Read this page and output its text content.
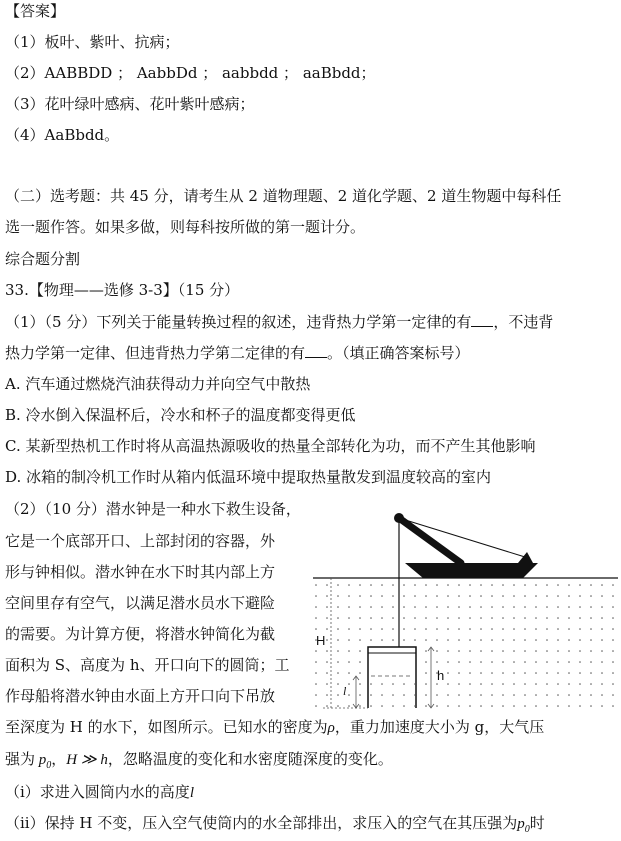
【答案】
（1）板叶、紫叶、抗病；
（2）AABBDD ； AabbDd ； aabbdd ； aaBbdd；
（3）花叶绿叶感病、花叶紫叶感病；
（4）AaBbdd。
（二）选考题：共 45 分，请考生从 2 道物理题、2 道化学题、2 道生物题中每科任
选一题作答。如果多做，则每科按所做的第一题计分。
综合题分割
33.【物理——选修 3-3】（15 分）
（1）（5 分）下列关于能量转换过程的叙述，违背热力学第一定律的有 ，不违背
热力学第一定律、但违背热力学第二定律的有 。（填正确答案标号）
A. 汽车通过燃烧汽油获得动力并向空气中散热
B. 冷水倒入保温杯后，冷水和杯子的温度都变得更低
C. 某新型热机工作时将从高温热源吸收的热量全部转化为功，而不产生其他影响
D. 冰箱的制冷机工作时从箱内低温环境中提取热量散发到温度较高的室内
（2）（10 分）潜水钟是一种水下救生设备，
它是一个底部开口、上部封闭的容器，外
形与钟相似。潜水钟在水下时其内部上方
空间里存有空气，以满足潜水员水下避险
的需要。为计算方便，将潜水钟简化为截
面积为 S、高度为 h、开口向下的圆筒；工
作母船将潜水钟由水面上方开口向下吊放
至深度为 H 的水下，如图所示。已知水的密度为ρ，重力加速度大小为 g，大气压
强为 $p_0$，H ≫ h，忽略温度的变化和水密度随深度的变化。
（i）求进入圆筒内水的高度l
（ii）保持 H 不变，压入空气使筒内的水全部排出，求压入的空气在其压强为$p_0$时
H
l
h
